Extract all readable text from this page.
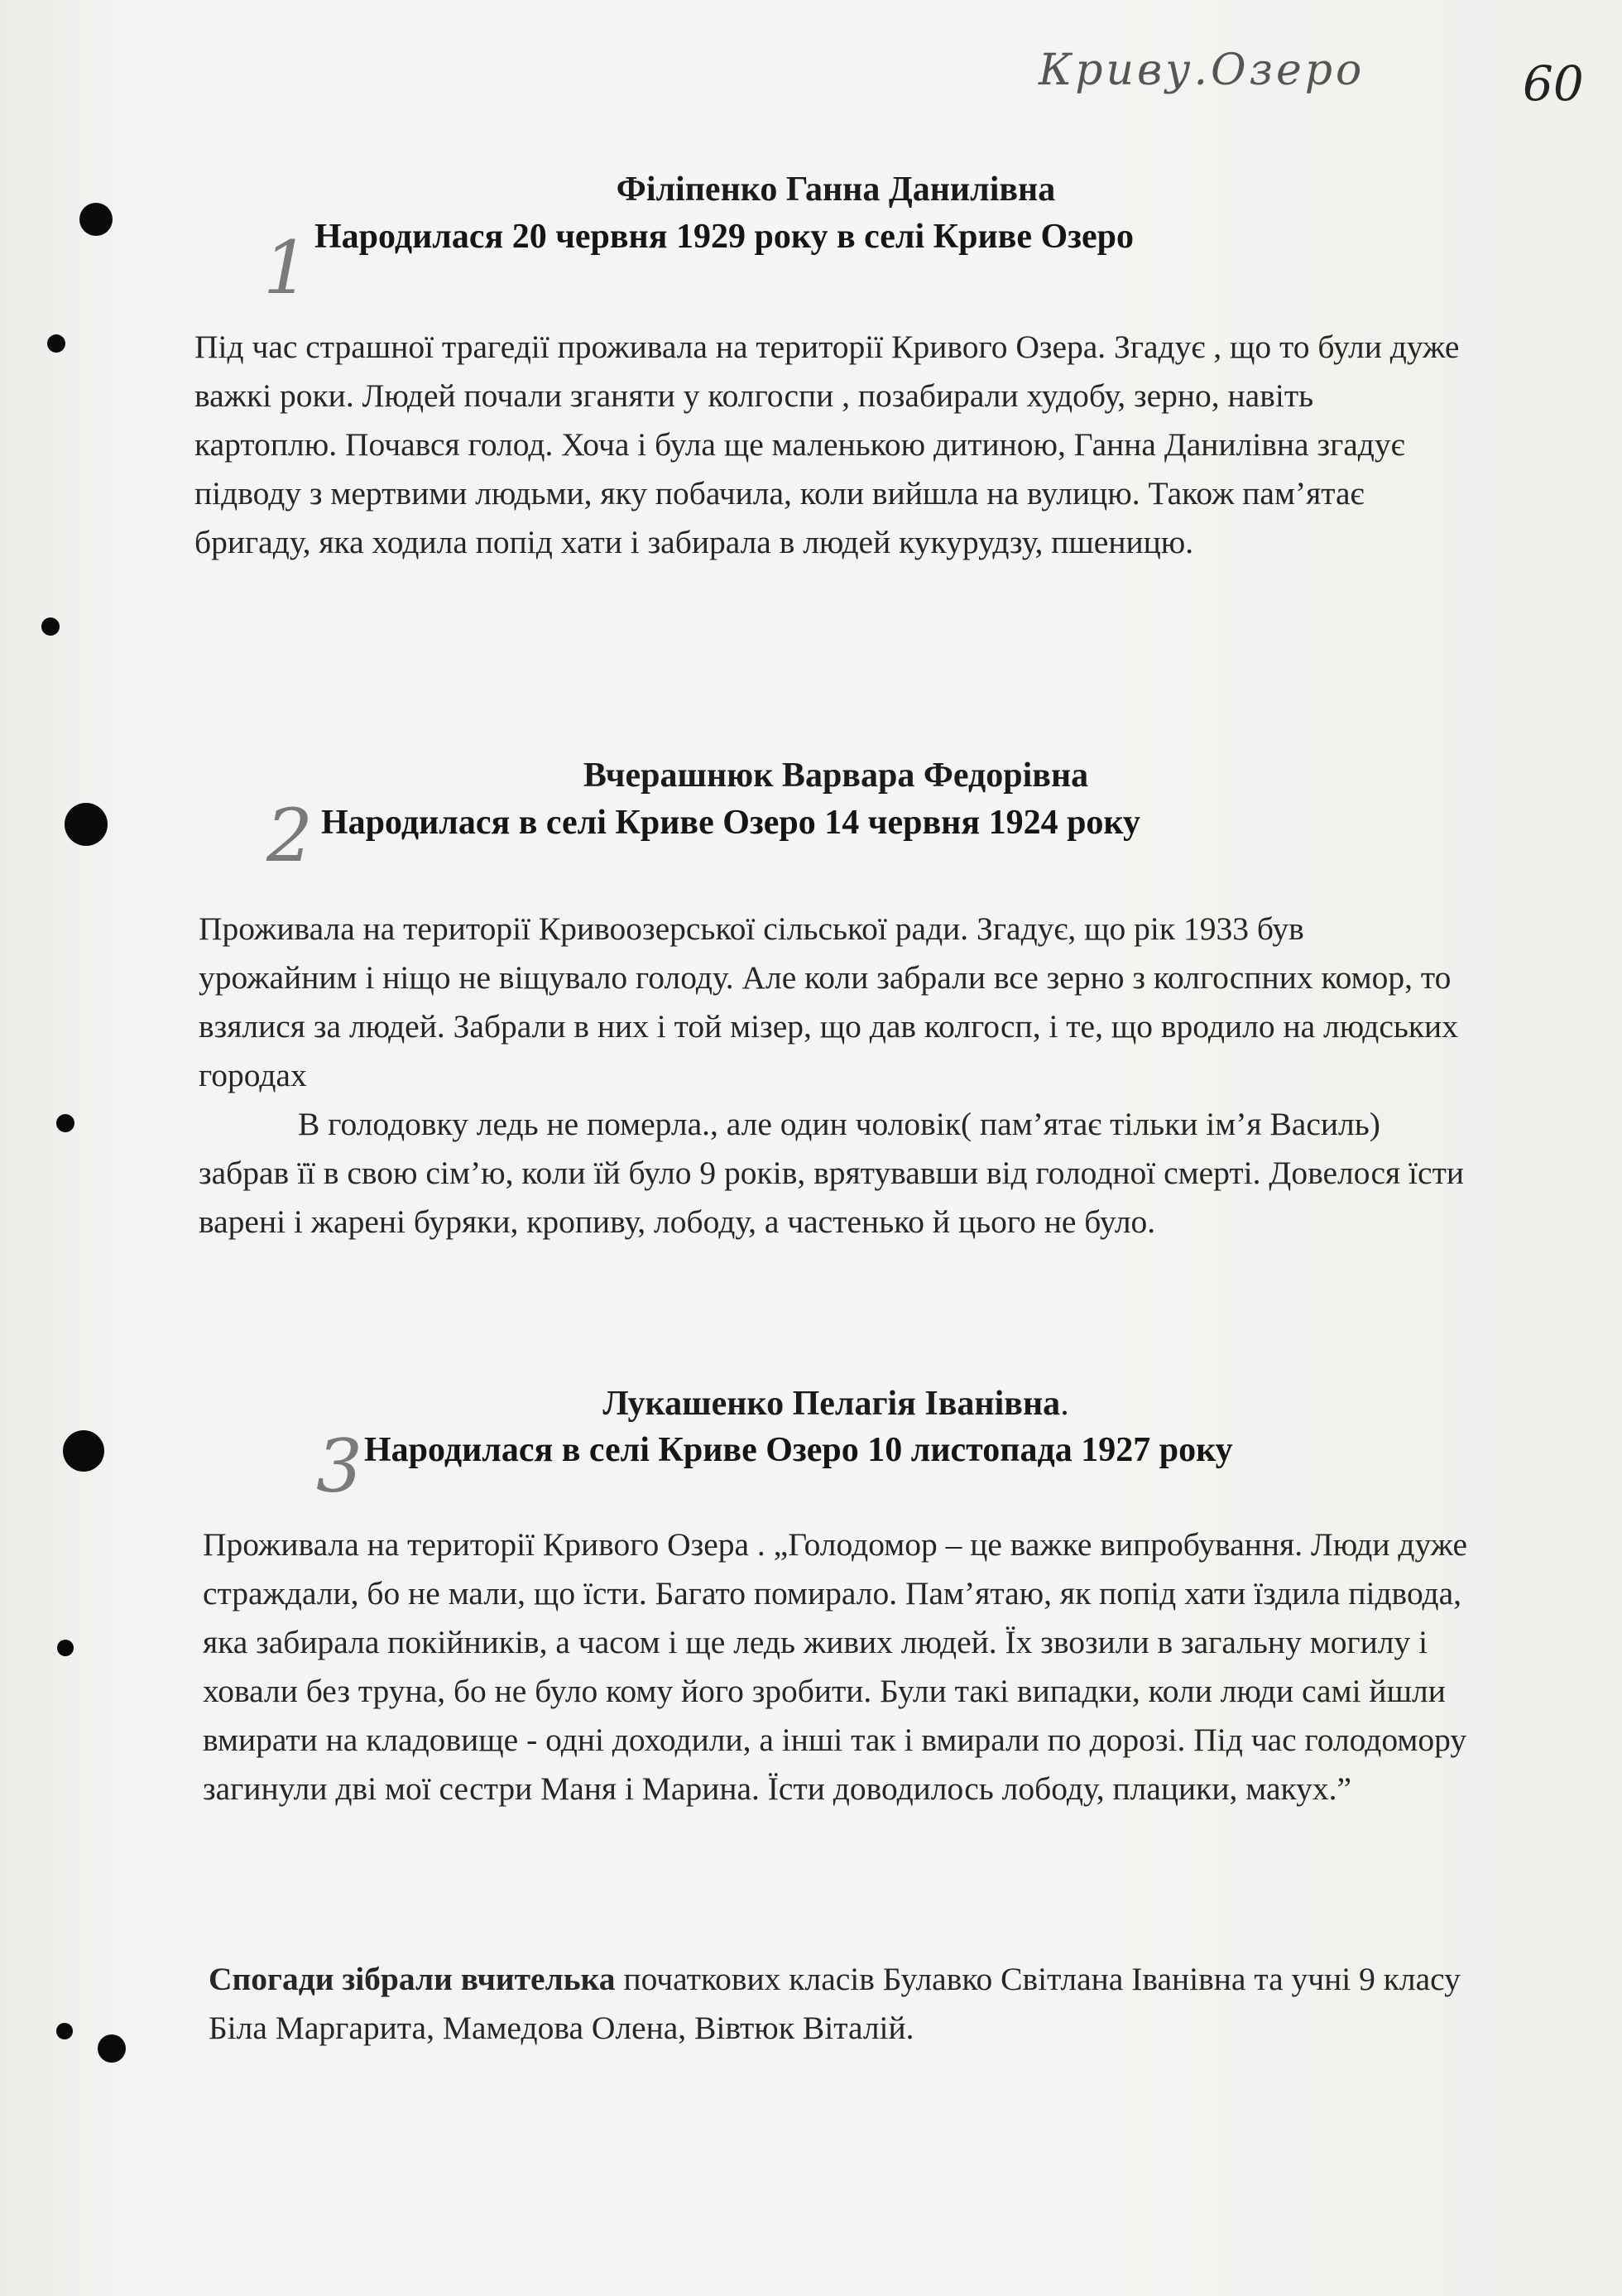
Криву.Озеро	60
Філіпенко Ганна Данилівна
1 Народилася 20 червня 1929 року в селі Криве Озеро

Під час страшної трагедії проживала на території Кривого Озера. Згадує , що то були дуже важкі роки. Людей почали зганяти у колгоспи , позабирали худобу, зерно, навіть картоплю. Почався голод. Хоча і була ще маленькою дитиною, Ганна Данилівна згадує підводу з мертвими людьми, яку побачила, коли вийшла на вулицю. Також пам’ятає бригаду, яка ходила попід хати і забирала в людей кукурудзу, пшеницю.

Вчерашнюк Варвара Федорівна
2 Народилася в селі Криве Озеро 14 червня 1924 року

Проживала на території Кривоозерської сільської ради. Згадує, що рік 1933 був урожайним і ніщо не віщувало голоду. Але коли забрали все зерно з колгоспних комор, то взялися за людей. Забрали в них і той мізер, що дав колгосп, і те, що вродило на людських городах

В голодовку ледь не померла., але один чоловік( пам’ятає тільки ім’я Василь) забрав її в свою сім’ю, коли їй було 9 років, врятувавши від голодної смерті. Довелося їсти варені і жарені буряки, кропиву, лободу, а частенько й цього не було.

Лукашенко Пелагія Іванівна.
3 Народилася в селі Криве Озеро 10 листопада 1927 року

Проживала на території Кривого Озера . „Голодомор – це важке випробування. Люди дуже страждали, бо не мали, що їсти. Багато помирало. Пам’ятаю, як попід хати їздила підвода, яка забирала покійників, а часом і ще ледь живих людей. Їх звозили в загальну могилу і ховали без труна, бо не було кому його зробити. Були такі випадки, коли люди самі йшли вмирати на кладовище - одні доходили, а інші так і вмирали по дорозі. Під час голодомору загинули дві мої сестри Маня і Марина. Їсти доводилось лободу, плацики, макух.”

Спогади зібрали вчителька початкових класів Булавко Світлана Іванівна та учні 9 класу Біла Маргарита, Мамедова Олена, Вівтюк Віталій.
